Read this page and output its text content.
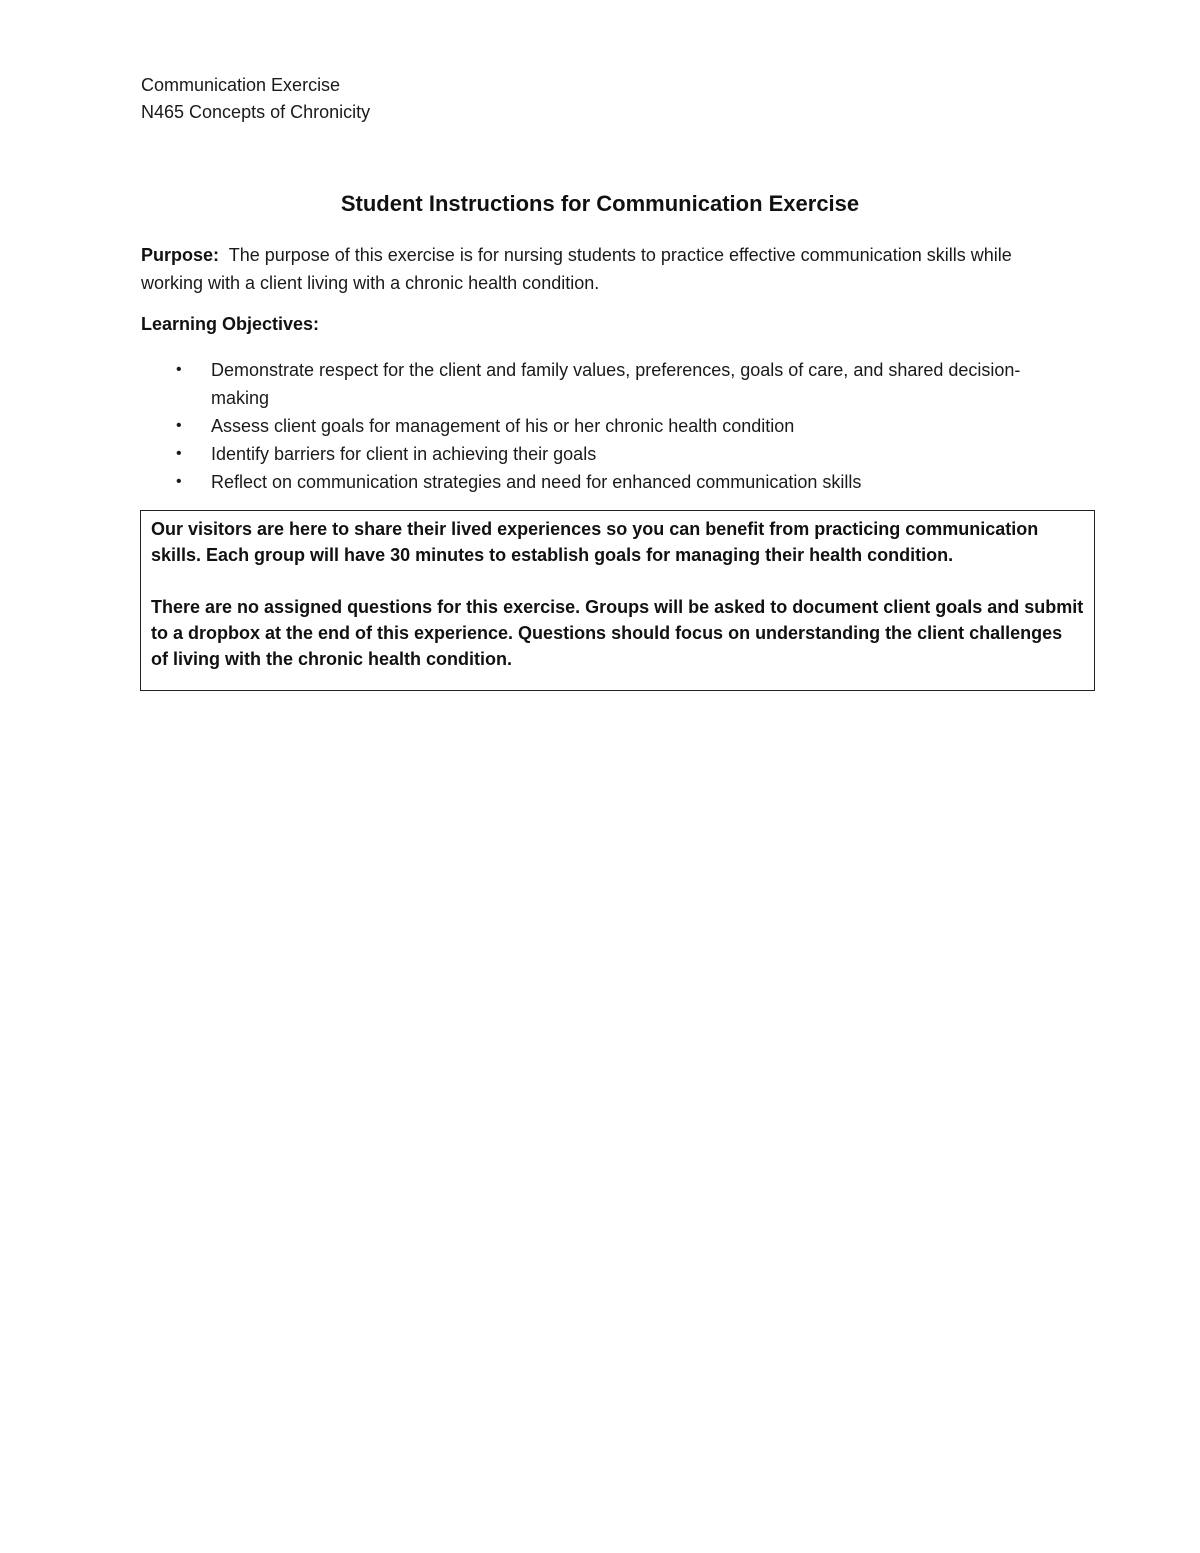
Communication Exercise
N465 Concepts of Chronicity
Student Instructions for Communication Exercise
Purpose: The purpose of this exercise is for nursing students to practice effective communication skills while working with a client living with a chronic health condition.
Learning Objectives:
•	Demonstrate respect for the client and family values, preferences, goals of care, and shared decision-making
•	Assess client goals for management of his or her chronic health condition
•	Identify barriers for client in achieving their goals
•	Reflect on communication strategies and need for enhanced communication skills

Our visitors are here to share their lived experiences so you can benefit from practicing communication skills. Each group will have 30 minutes to establish goals for managing their health condition.

There are no assigned questions for this exercise. Groups will be asked to document client goals and submit to a dropbox at the end of this experience. Questions should focus on understanding the client challenges of living with the chronic health condition.
